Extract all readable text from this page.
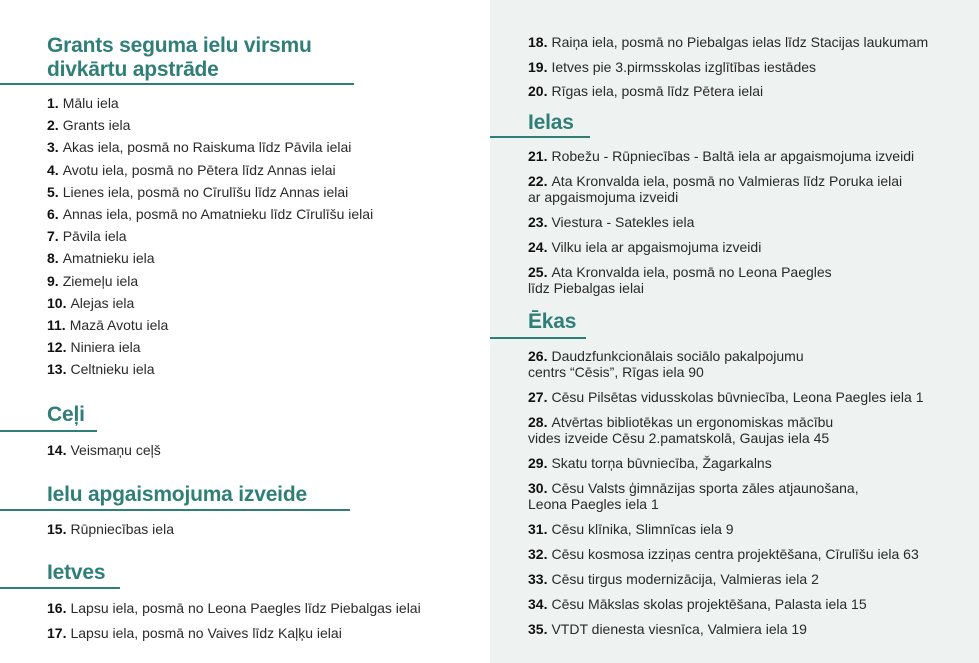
Grants seguma ielu virsmu
divkārtu apstrāde
1. Mālu iela
2. Grants iela
3. Akas iela, posmā no Raiskuma līdz Pāvila ielai
4. Avotu iela, posmā no Pētera līdz Annas ielai
5. Lienes iela, posmā no Cīrulīšu līdz Annas ielai
6. Annas iela, posmā no Amatnieku līdz Cīrulīšu ielai
7. Pāvila iela
8. Amatnieku iela
9. Ziemeļu iela
10. Alejas iela
11. Mazā Avotu iela
12. Niniera iela
13. Celtnieku iela
Ceļi
14. Veismaņu ceļš
Ielu apgaismojuma izveide
15. Rūpniecības iela
Ietves
16. Lapsu iela, posmā no Leona Paegles līdz Piebalgas ielai
17. Lapsu iela, posmā no Vaives līdz Kaļķu ielai
18. Raiņa iela, posmā no Piebalgas ielas līdz Stacijas laukumam
19. Ietves pie 3.pirmsskolas izglītības iestādes
20. Rīgas iela, posmā līdz Pētera ielai
Ielas
21. Robežu - Rūpniecības - Baltā iela ar apgaismojuma izveidi
22. Ata Kronvalda iela, posmā no Valmieras līdz Poruka ielai
ar apgaismojuma izveidi
23. Viestura - Satekles iela
24. Vilku iela ar apgaismojuma izveidi
25. Ata Kronvalda iela, posmā no Leona Paegles
līdz Piebalgas ielai
Ēkas
26. Daudzfunkcionālais sociālo pakalpojumu
centrs “Cēsis”, Rīgas iela 90
27. Cēsu Pilsētas vidusskolas būvniecība, Leona Paegles iela 1
28. Atvērtas bibliotēkas un ergonomiskas mācību
vides izveide Cēsu 2.pamatskolā, Gaujas iela 45
29. Skatu torņa būvniecība, Žagarkalns
30. Cēsu Valsts ģimnāzijas sporta zāles atjaunošana,
Leona Paegles iela 1
31. Cēsu klīnika, Slimnīcas iela 9
32. Cēsu kosmosa izziņas centra projektēšana, Cīrulīšu iela 63
33. Cēsu tirgus modernizācija, Valmieras iela 2
34. Cēsu Mākslas skolas projektēšana, Palasta iela 15
35. VTDT dienesta viesnīca, Valmiera iela 19
